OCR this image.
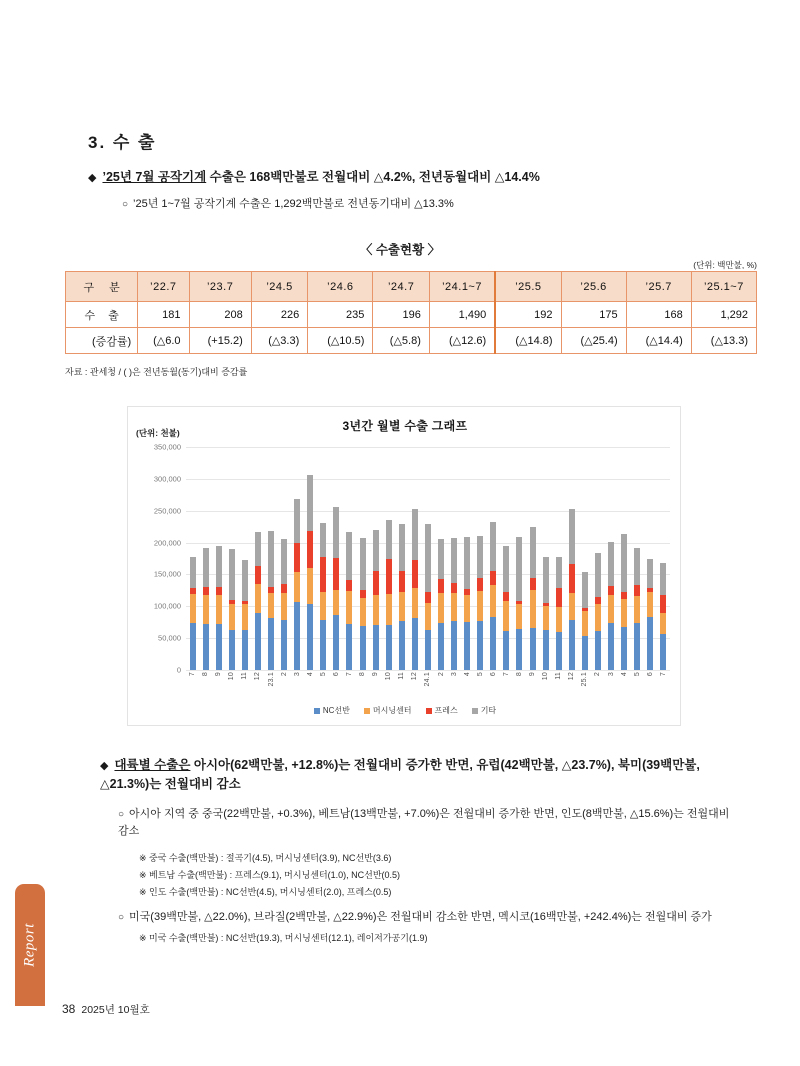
Report
3. 수 출
◆ ’25년 7월 공작기계 수출은 168백만불로 전월대비 △4.2%, 전년동월대비 △14.4%
○ ’25년 1~7월 공작기계 수출은 1,292백만불로 전년동기대비 △13.3%
〈 수출현황 〉
(단위: 백만불, %)
구 분	’22.7	’23.7	’24.5	’24.6	’24.7	’24.1~7	’25.5	’25.6	’25.7	’25.1~7
수 출	181	208	226	235	196	1,490	192	175	168	1,292
(증감률)	(△6.0	(+15.2)	(△3.3)	(△10.5)	(△5.8)	(△12.6)	(△14.8)	(△25.4)	(△14.4)	(△13.3)
자료 : 관세청 / ( )은 전년동월(동기)대비 증감률
3년간 월별 수출 그래프
(단위: 천불)
0
50,000
100,000
150,000
200,000
250,000
300,000
350,000
7 8 9 10 11 12 23.1 2 3 4 5 6 7 8 9 10 11 12 24.1 2 3 4 5 6 7 8 9 10 11 12 25.1 2 3 4 5 6 7
NC선반	머시닝센터	프레스	기타
◆ 대륙별 수출은 아시아(62백만불, +12.8%)는 전월대비 증가한 반면, 유럽(42백만불, △23.7%), 북미(39백만불, △21.3%)는 전월대비 감소
○ 아시아 지역 중 중국(22백만불, +0.3%), 베트남(13백만불, +7.0%)은 전월대비 증가한 반면, 인도(8백만불, △15.6%)는 전월대비 감소
※ 중국 수출(백만불) : 절곡기(4.5), 머시닝센터(3.9), NC선반(3.6)
※ 베트남 수출(백만불) : 프레스(9.1), 머시닝센터(1.0), NC선반(0.5)
※ 인도 수출(백만불) : NC선반(4.5), 머시닝센터(2.0), 프레스(0.5)
○ 미국(39백만불, △22.0%), 브라질(2백만불, △22.9%)은 전월대비 감소한 반면, 멕시코(16백만불, +242.4%)는 전월대비 증가
※ 미국 수출(백만불) : NC선반(19.3), 머시닝센터(12.1), 레이저가공기(1.9)
38 2025년 10월호
